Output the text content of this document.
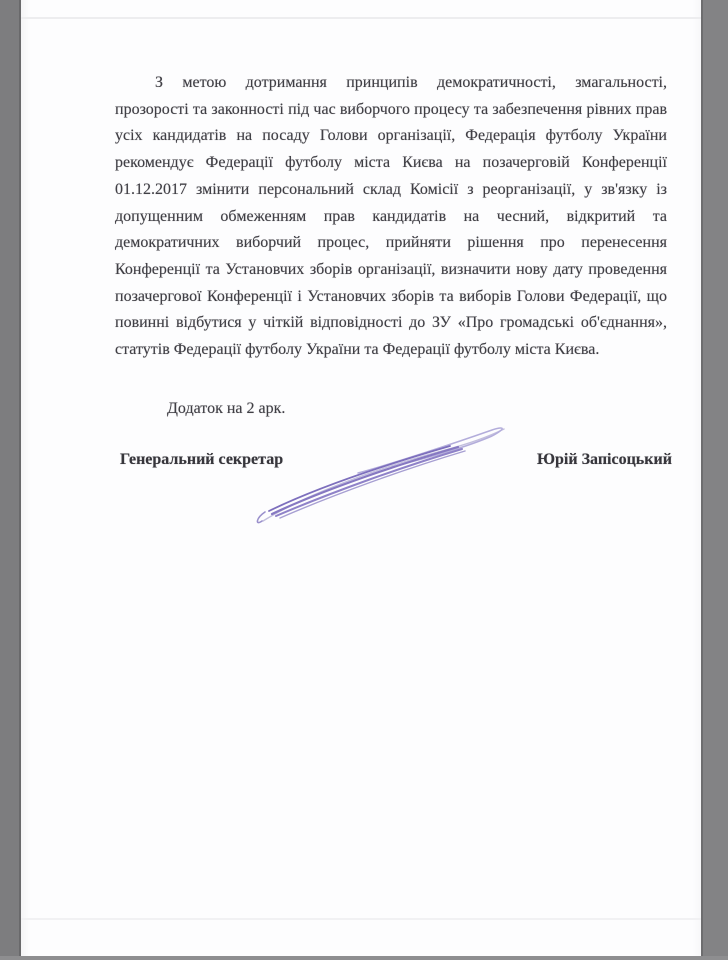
З метою дотримання принципів демократичності, змагальності,
прозорості та законності під час виборчого процесу та забезпечення рівних прав
усіх кандидатів на посаду Голови організації, Федерація футболу України
рекомендує Федерації футболу міста Києва на позачерговій Конференції
01.12.2017 змінити персональний склад Комісії з реорганізації, у зв'язку із
допущенним обмеженням прав кандидатів на чесний, відкритий та
демократичних виборчий процес, прийняти рішення про перенесення
Конференції та Установчих зборів організації, визначити нову дату проведення
позачергової Конференції і Установчих зборів та виборів Голови Федерації, що
повинні відбутися у чіткій відповідності до ЗУ «Про громадські об'єднання»,
статутів Федерації футболу України та Федерації футболу міста Києва.
Додаток на 2 арк.
Генеральний секретар	Юрій Запісоцький
